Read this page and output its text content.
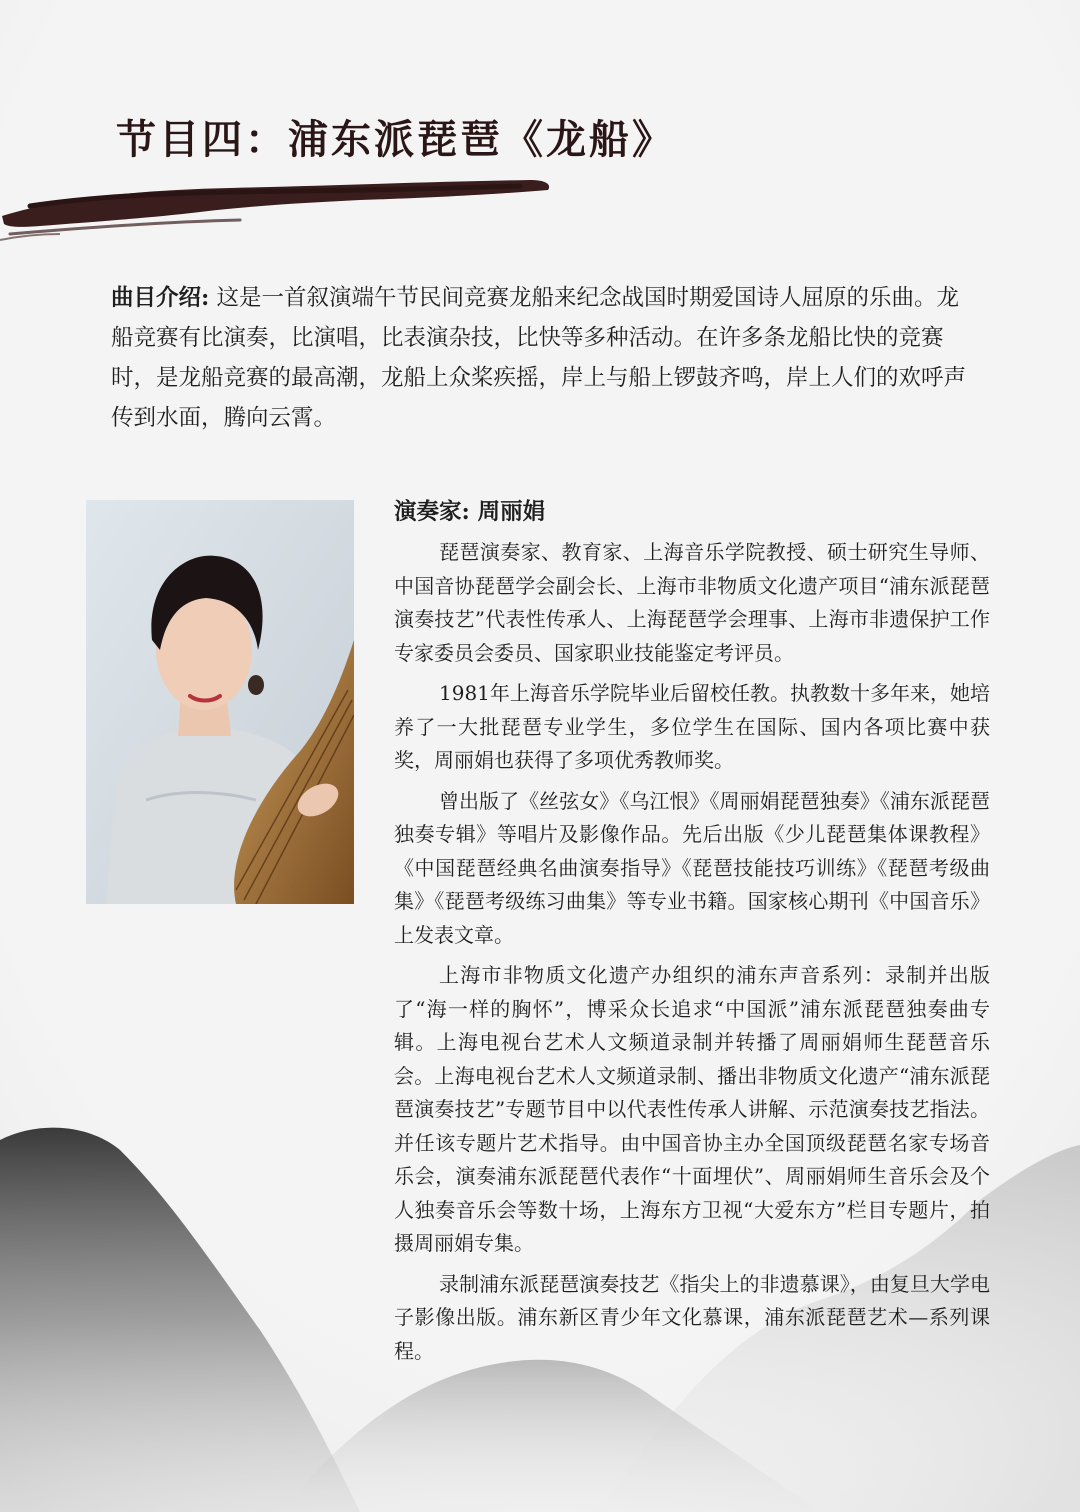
节目四：浦东派琵琶《龙船》

曲目介绍: 这是一首叙演端午节民间竞赛龙船来纪念战国时期爱国诗人屈原的乐曲。龙船竞赛有比演奏，比演唱，比表演杂技，比快等多种活动。在许多条龙船比快的竞赛时，是龙船竞赛的最高潮，龙船上众桨疾摇，岸上与船上锣鼓齐鸣，岸上人们的欢呼声传到水面，腾向云霄。

演奏家: 周丽娟

琵琶演奏家、教育家、上海音乐学院教授、硕士研究生导师、中国音协琵琶学会副会长、上海市非物质文化遗产项目“浦东派琵琶演奏技艺”代表性传承人、上海琵琶学会理事、上海市非遗保护工作专家委员会委员、国家职业技能鉴定考评员。

1981年上海音乐学院毕业后留校任教。执教数十多年来，她培养了一大批琵琶专业学生，多位学生在国际、国内各项比赛中获奖，周丽娟也获得了多项优秀教师奖。

曾出版了《丝弦女》《乌江恨》《周丽娟琵琶独奏》《浦东派琵琶独奏专辑》等唱片及影像作品。先后出版《少儿琵琶集体课教程》《中国琵琶经典名曲演奏指导》《琵琶技能技巧训练》《琵琶考级曲集》《琵琶考级练习曲集》等专业书籍。国家核心期刊《中国音乐》上发表文章。

上海市非物质文化遗产办组织的浦东声音系列：录制并出版了“海一样的胸怀”，博采众长追求“中国派”浦东派琵琶独奏曲专辑。上海电视台艺术人文频道录制并转播了周丽娟师生琵琶音乐会。上海电视台艺术人文频道录制、播出非物质文化遗产“浦东派琵琶演奏技艺”专题节目中以代表性传承人讲解、示范演奏技艺指法。并任该专题片艺术指导。由中国音协主办全国顶级琵琶名家专场音乐会，演奏浦东派琵琶代表作“十面埋伏”、周丽娟师生音乐会及个人独奏音乐会等数十场，上海东方卫视“大爱东方”栏目专题片，拍摄周丽娟专集。

录制浦东派琵琶演奏技艺《指尖上的非遗慕课》，由复旦大学电子影像出版。浦东新区青少年文化慕课，浦东派琵琶艺术—系列课程。
